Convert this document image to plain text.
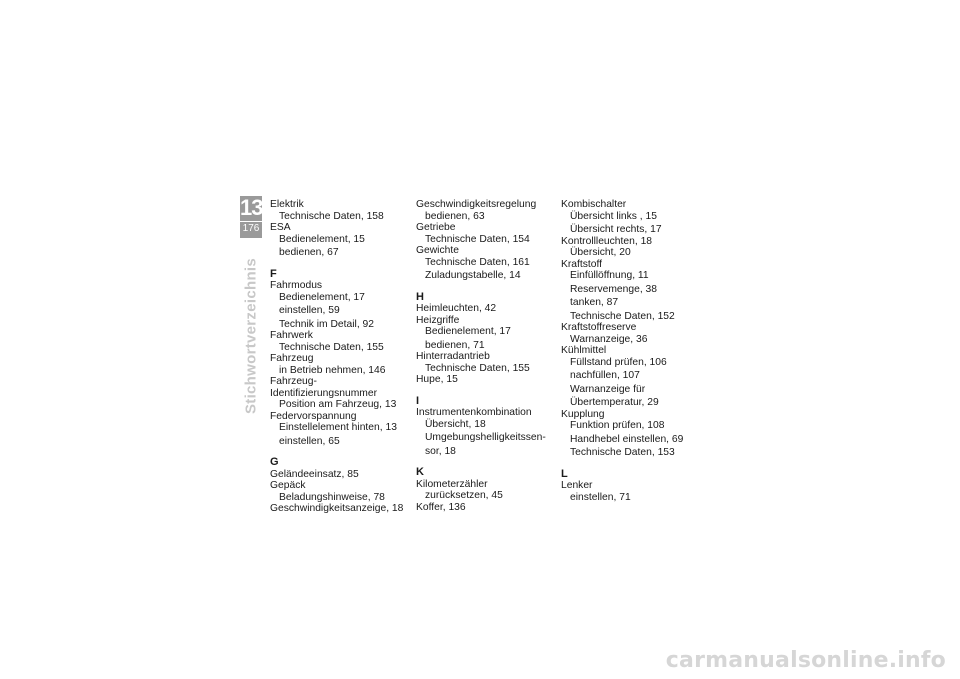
13
176
Stichwortverzeichnis
Elektrik
Technische Daten, 158
ESA
Bedienelement, 15
bedienen, 67
F
Fahrmodus
Bedienelement, 17
einstellen, 59
Technik im Detail, 92
Fahrwerk
Technische Daten, 155
Fahrzeug
in Betrieb nehmen, 146
Fahrzeug-Identifizierungsnummer
Position am Fahrzeug, 13
Federvorspannung
Einstellelement hinten, 13
einstellen, 65
G
Geländeeinsatz, 85
Gepäck
Beladungshinweise, 78
Geschwindigkeitsanzeige, 18
Geschwindigkeitsregelung
bedienen, 63
Getriebe
Technische Daten, 154
Gewichte
Technische Daten, 161
Zuladungstabelle, 14
H
Heimleuchten, 42
Heizgriffe
Bedienelement, 17
bedienen, 71
Hinterradantrieb
Technische Daten, 155
Hupe, 15
I
Instrumentenkombination
Übersicht, 18
Umgebungshelligkeitssen-
sor, 18
K
Kilometerzähler
zurücksetzen, 45
Koffer, 136
Kombischalter
Übersicht links , 15
Übersicht rechts, 17
Kontrollleuchten, 18
Übersicht, 20
Kraftstoff
Einfüllöffnung, 11
Reservemenge, 38
tanken, 87
Technische Daten, 152
Kraftstoffreserve
Warnanzeige, 36
Kühlmittel
Füllstand prüfen, 106
nachfüllen, 107
Warnanzeige für
Übertemperatur, 29
Kupplung
Funktion prüfen, 108
Handhebel einstellen, 69
Technische Daten, 153
L
Lenker
einstellen, 71
carmanualsonline.info
